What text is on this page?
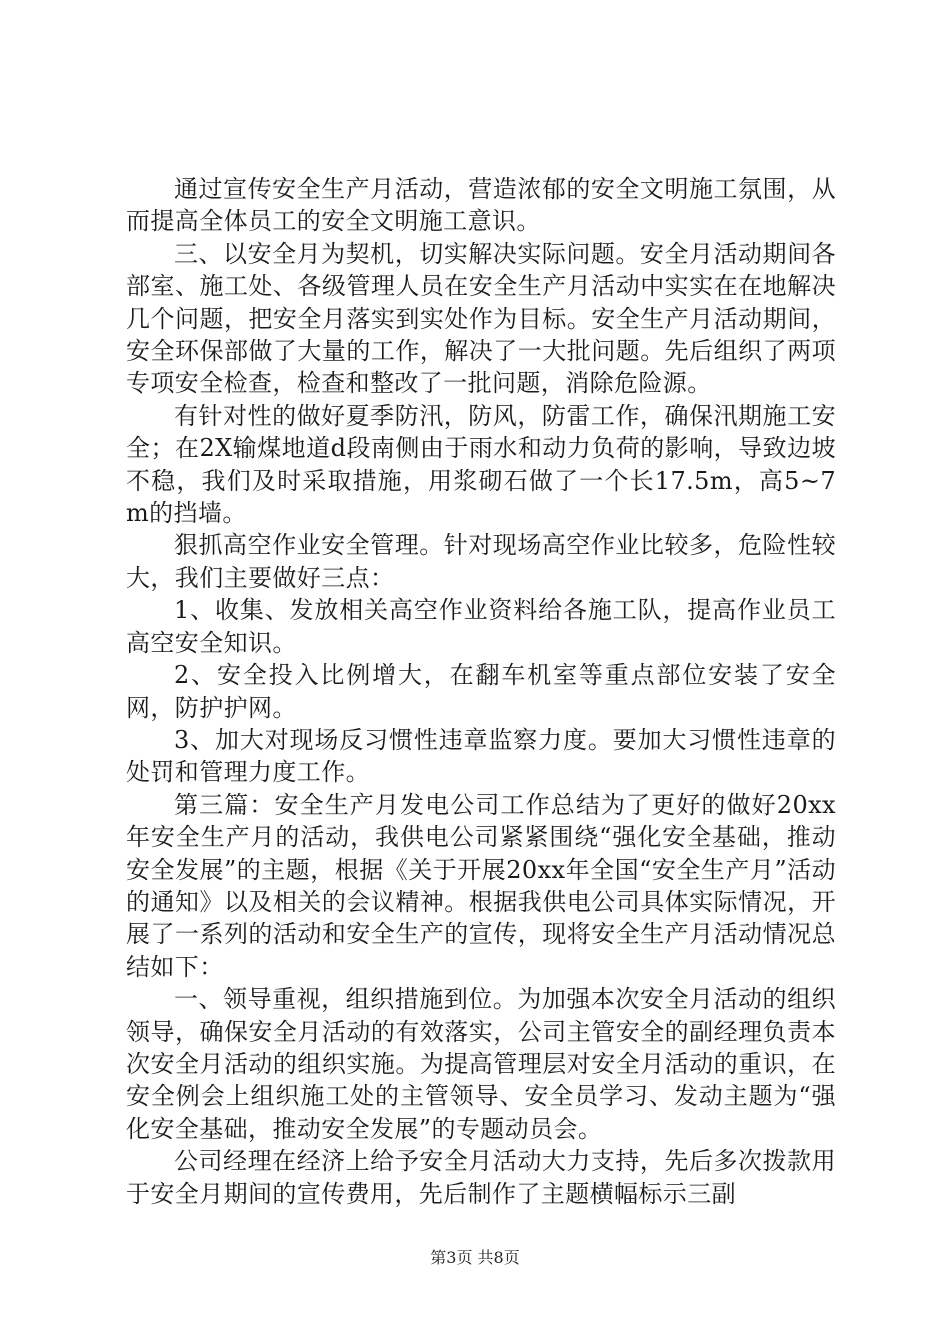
通过宣传安全生产月活动，营造浓郁的安全文明施工氛围，从而提高全体员工的安全文明施工意识。

三、以安全月为契机，切实解决实际问题。安全月活动期间各部室、施工处、各级管理人员在安全生产月活动中实实在在地解决几个问题，把安全月落实到实处作为目标。安全生产月活动期间，安全环保部做了大量的工作，解决了一大批问题。先后组织了两项专项安全检查，检查和整改了一批问题，消除危险源。

有针对性的做好夏季防汛，防风，防雷工作，确保汛期施工安全；在2X输煤地道d段南侧由于雨水和动力负荷的影响，导致边坡不稳，我们及时采取措施，用浆砌石做了一个长17.5m，高5~7m的挡墙。

狠抓高空作业安全管理。针对现场高空作业比较多，危险性较大，我们主要做好三点：

1、收集、发放相关高空作业资料给各施工队，提高作业员工高空安全知识。

2、安全投入比例增大，在翻车机室等重点部位安装了安全网，防护护网。

3、加大对现场反习惯性违章监察力度。要加大习惯性违章的处罚和管理力度工作。

第三篇：安全生产月发电公司工作总结为了更好的做好20xx年安全生产月的活动，我供电公司紧紧围绕“强化安全基础，推动安全发展”的主题，根据《关于开展20xx年全国“安全生产月”活动的通知》以及相关的会议精神。根据我供电公司具体实际情况，开展了一系列的活动和安全生产的宣传，现将安全生产月活动情况总结如下：

一、领导重视，组织措施到位。为加强本次安全月活动的组织领导，确保安全月活动的有效落实，公司主管安全的副经理负责本次安全月活动的组织实施。为提高管理层对安全月活动的重识，在安全例会上组织施工处的主管领导、安全员学习、发动主题为“强化安全基础，推动安全发展”的专题动员会。

公司经理在经济上给予安全月活动大力支持，先后多次拨款用于安全月期间的宣传费用，先后制作了主题横幅标示三副

第3页 共8页
